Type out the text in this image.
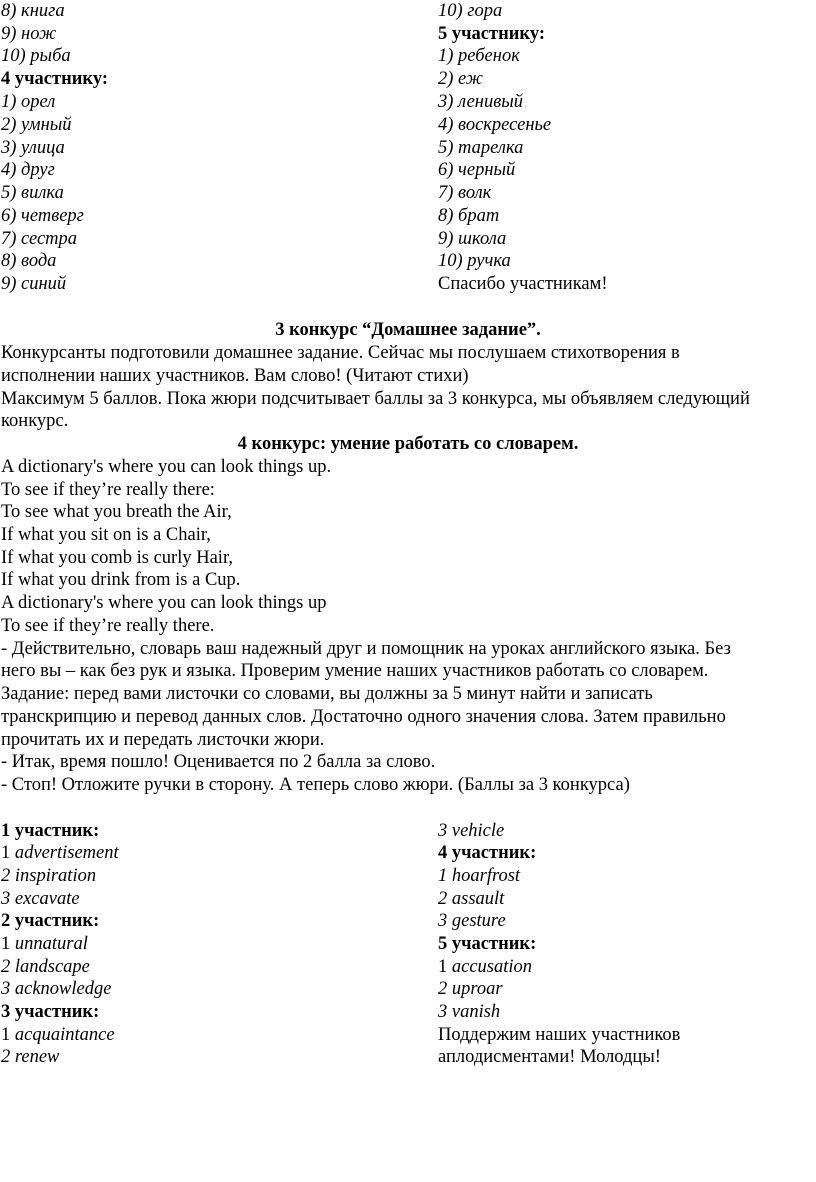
8) книга
9) нож
10) рыба
4 участнику:
1) орел
2) умный
3) улица
4) друг
5) вилка
6) четверг
7) сестра
8) вода
9) синий
10) гора
5 участнику:
1) ребенок
2) еж
3) ленивый
4) воскресенье
5) тарелка
6) черный
7) волк
8) брат
9) школа
10) ручка
Спасибо участникам!
3 конкурс “Домашнее задание”.
Конкурсанты подготовили домашнее задание. Сейчас мы послушаем стихотворения в
исполнении наших участников. Вам слово! (Читают стихи)
Максимум 5 баллов. Пока жюри подсчитывает баллы за 3 конкурса, мы объявляем следующий
конкурс.
4 конкурс: умение работать со словарем.
A dictionary's where you can look things up.
To see if they’re really there:
To see what you breath the Air,
If what you sit on is a Chair,
If what you comb is curly Hair,
If what you drink from is a Cup.
A dictionary's where you can look things up
To see if they’re really there.
- Действительно, словарь ваш надежный друг и помощник на уроках английского языка. Без
него вы – как без рук и языка. Проверим умение наших участников работать со словарем.
Задание: перед вами листочки со словами, вы должны за 5 минут найти и записать
транскрипцию и перевод данных слов. Достаточно одного значения слова. Затем правильно
прочитать их и передать листочки жюри.
- Итак, время пошло! Оцениваетcя по 2 балла за слово.
- Стоп! Отложите ручки в сторону. А теперь слово жюри. (Баллы за 3 конкурса)
1 участник:
1 advertisement
2 inspiration
3 excavate
2 участник:
1 unnatural
2 landscape
3 acknowledge
3 участник:
1 acquaintance
2 renew
3 vehicle
4 участник:
1 hoarfrost
2 assault
3 gesture
5 участник:
1 accusation
2 uproar
3 vanish
Поддержим наших участников
аплодисментами! Молодцы!
